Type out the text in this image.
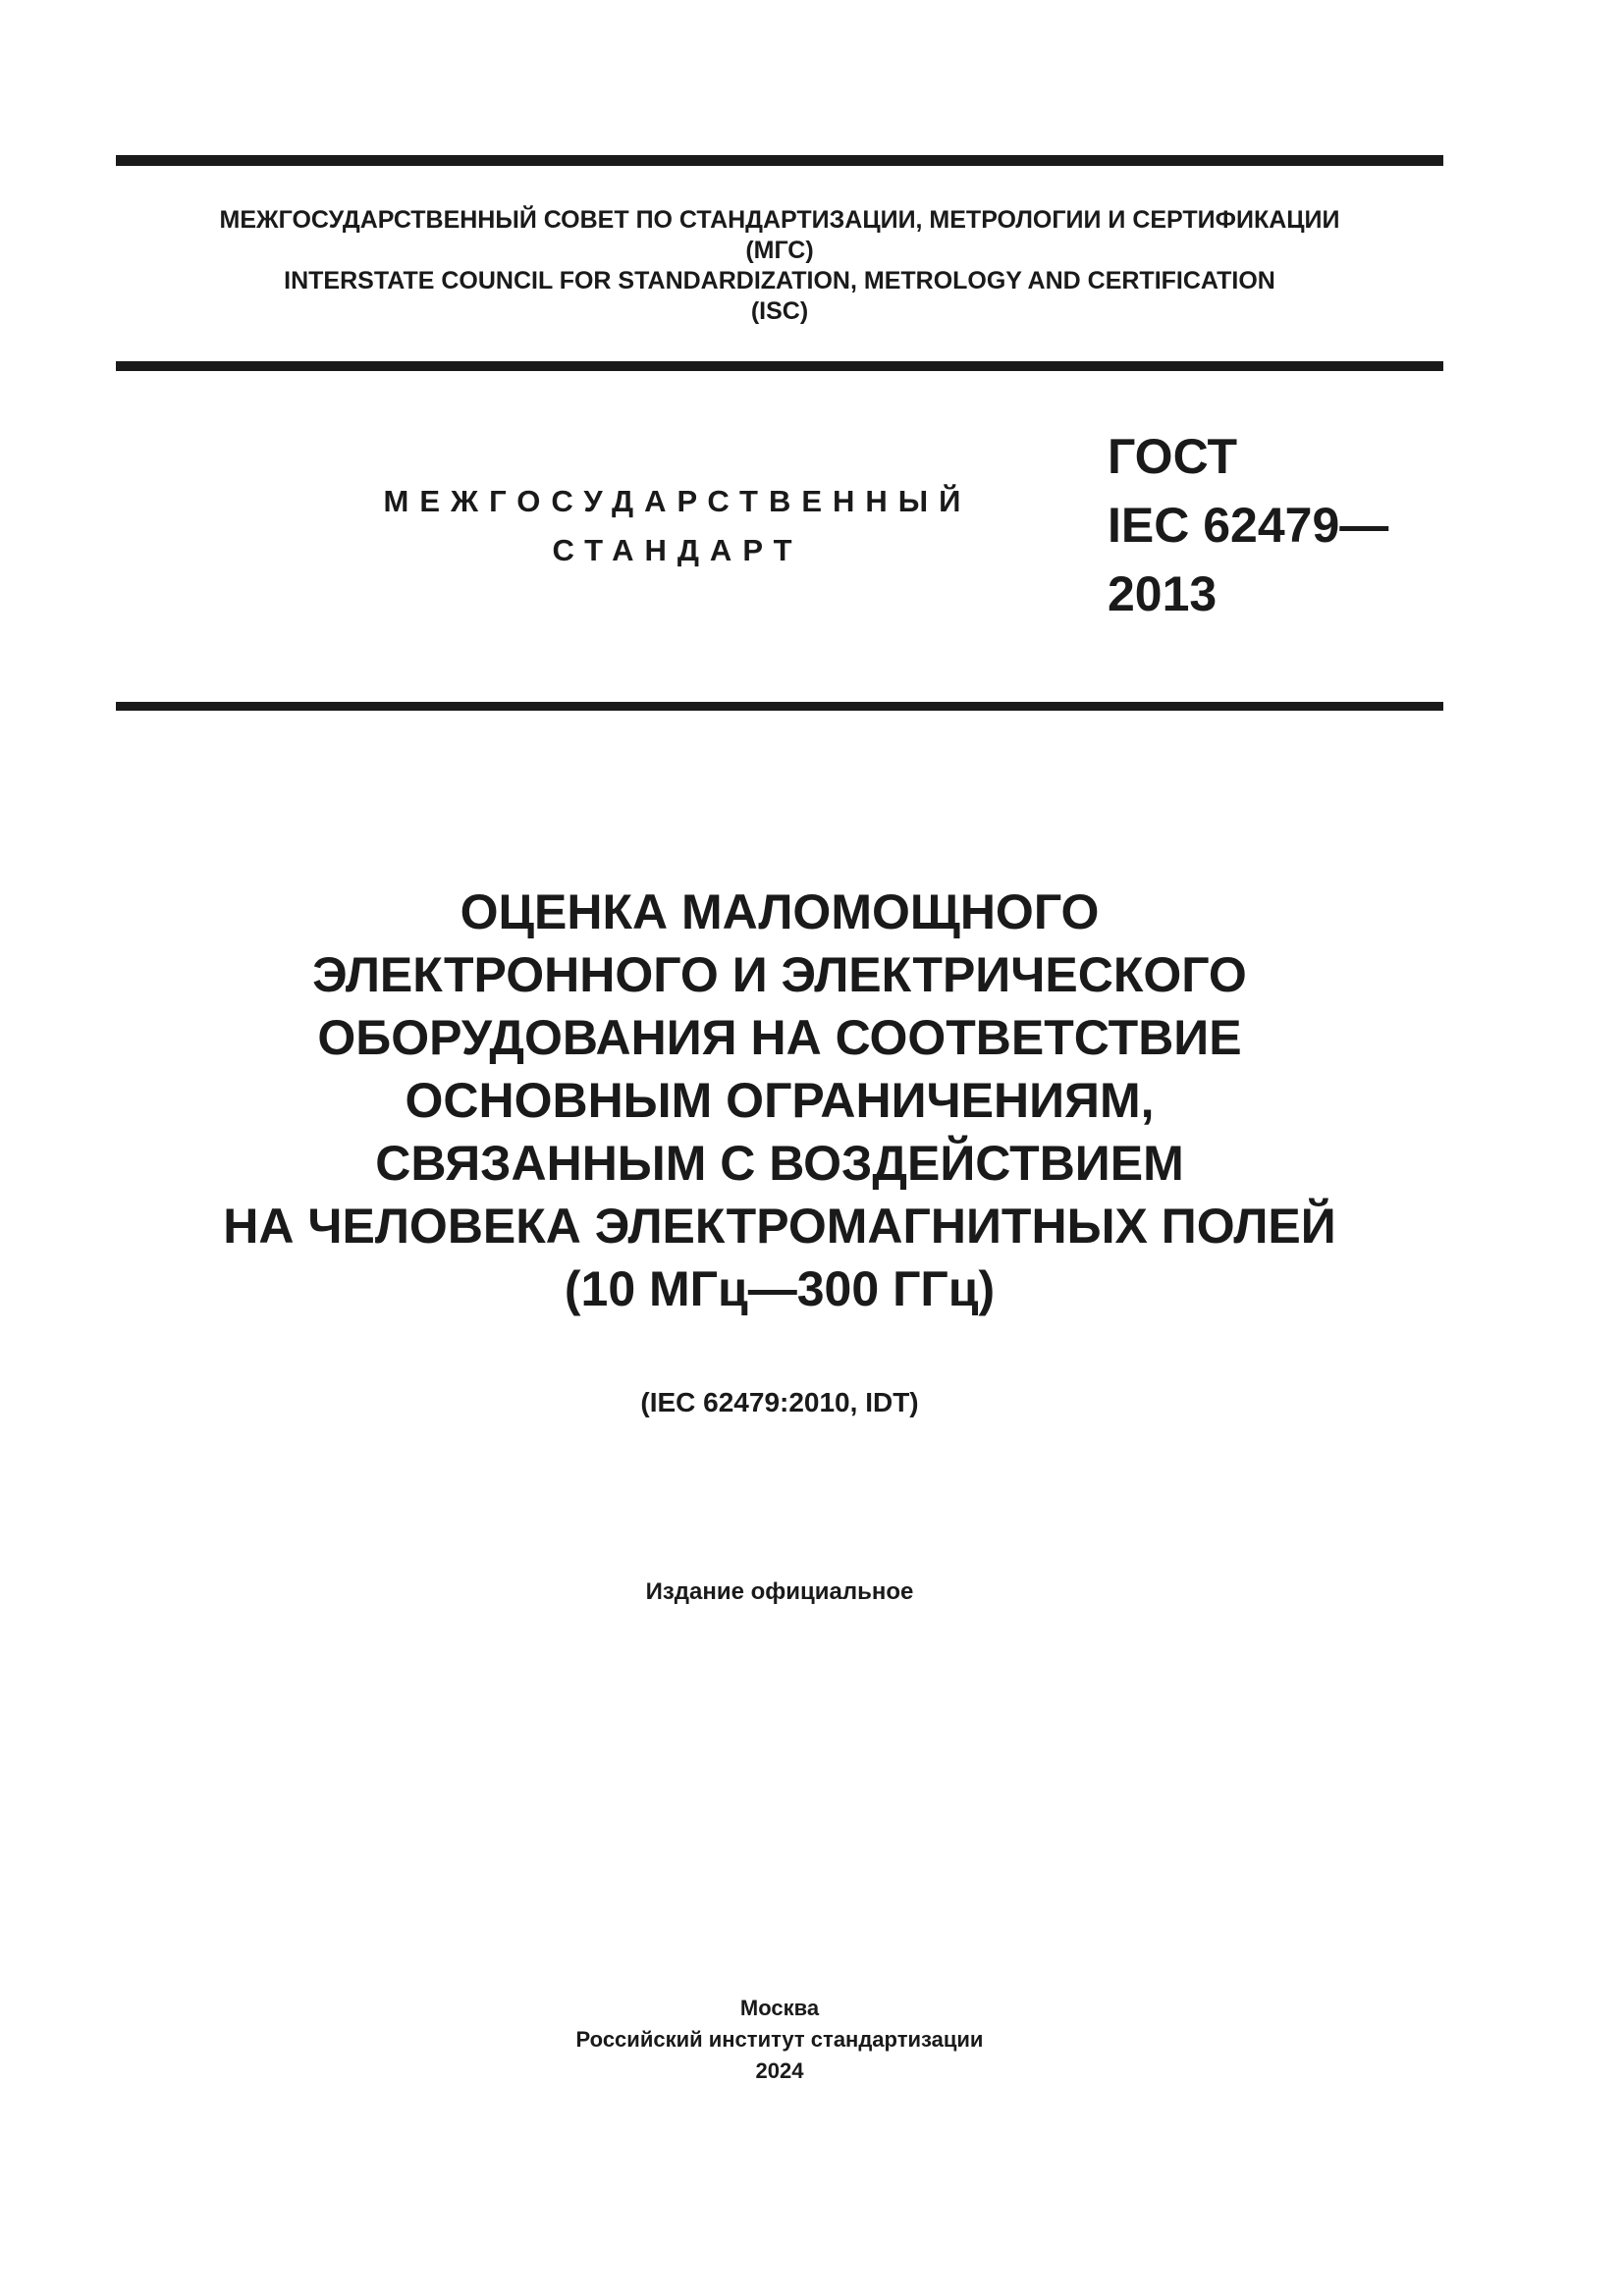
МЕЖГОСУДАРСТВЕННЫЙ СОВЕТ ПО СТАНДАРТИЗАЦИИ, МЕТРОЛОГИИ И СЕРТИФИКАЦИИ
(МГС)
INTERSTATE COUNCIL FOR STANDARDIZATION, METROLOGY AND CERTIFICATION
(ISC)
МЕЖГОСУДАРСТВЕННЫЙ
СТАНДАРТ
ГОСТ
IEC 62479—
2013
ОЦЕНКА МАЛОМОЩНОГО
ЭЛЕКТРОННОГО И ЭЛЕКТРИЧЕСКОГО
ОБОРУДОВАНИЯ НА СООТВЕТСТВИЕ
ОСНОВНЫМ ОГРАНИЧЕНИЯМ,
СВЯЗАННЫМ С ВОЗДЕЙСТВИЕМ
НА ЧЕЛОВЕКА ЭЛЕКТРОМАГНИТНЫХ ПОЛЕЙ
(10 МГц—300 ГГц)
(IEC 62479:2010, IDT)
Издание официальное
Москва
Российский институт стандартизации
2024
